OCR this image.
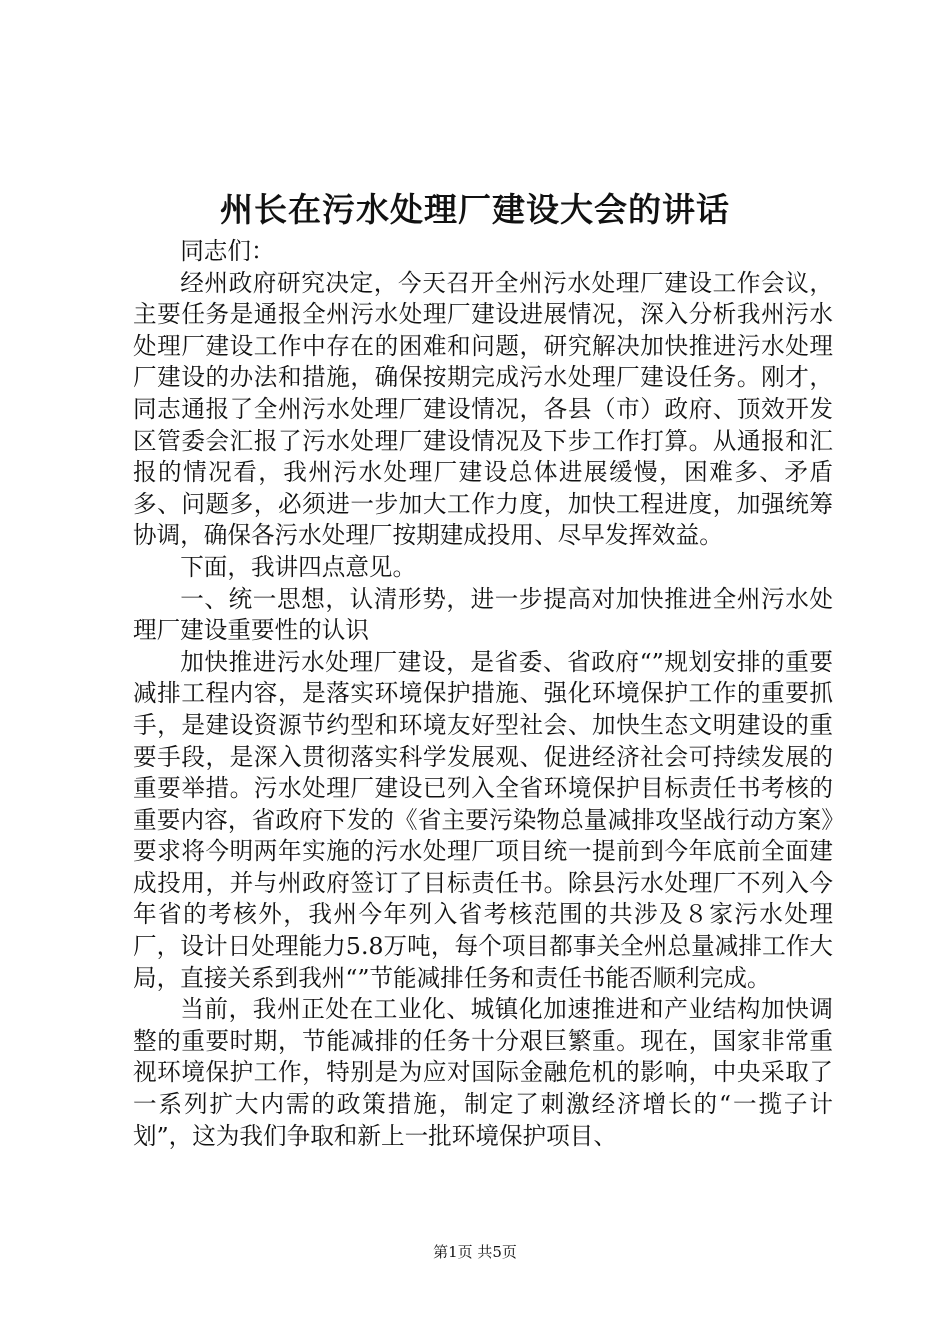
州长在污水处理厂建设大会的讲话

同志们：

经州政府研究决定，今天召开全州污水处理厂建设工作会议，主要任务是通报全州污水处理厂建设进展情况，深入分析我州污水处理厂建设工作中存在的困难和问题，研究解决加快推进污水处理厂建设的办法和措施，确保按期完成污水处理厂建设任务。刚才，同志通报了全州污水处理厂建设情况，各县（市）政府、顶效开发区管委会汇报了污水处理厂建设情况及下步工作打算。从通报和汇报的情况看，我州污水处理厂建设总体进展缓慢，困难多、矛盾多、问题多，必须进一步加大工作力度，加快工程进度，加强统筹协调，确保各污水处理厂按期建成投用、尽早发挥效益。

下面，我讲四点意见。

一、统一思想，认清形势，进一步提高对加快推进全州污水处理厂建设重要性的认识

加快推进污水处理厂建设，是省委、省政府“”规划安排的重要减排工程内容，是落实环境保护措施、强化环境保护工作的重要抓手，是建设资源节约型和环境友好型社会、加快生态文明建设的重要手段，是深入贯彻落实科学发展观、促进经济社会可持续发展的重要举措。污水处理厂建设已列入全省环境保护目标责任书考核的重要内容，省政府下发的《省主要污染物总量减排攻坚战行动方案》要求将今明两年实施的污水处理厂项目统一提前到今年底前全面建成投用，并与州政府签订了目标责任书。除县污水处理厂不列入今年省的考核外，我州今年列入省考核范围的共涉及８家污水处理厂，设计日处理能力5.8万吨，每个项目都事关全州总量减排工作大局，直接关系到我州“”节能减排任务和责任书能否顺利完成。

当前，我州正处在工业化、城镇化加速推进和产业结构加快调整的重要时期，节能减排的任务十分艰巨繁重。现在，国家非常重视环境保护工作，特别是为应对国际金融危机的影响，中央采取了一系列扩大内需的政策措施，制定了刺激经济增长的“一揽子计划”，这为我们争取和新上一批环境保护项目、

第1页 共5页
